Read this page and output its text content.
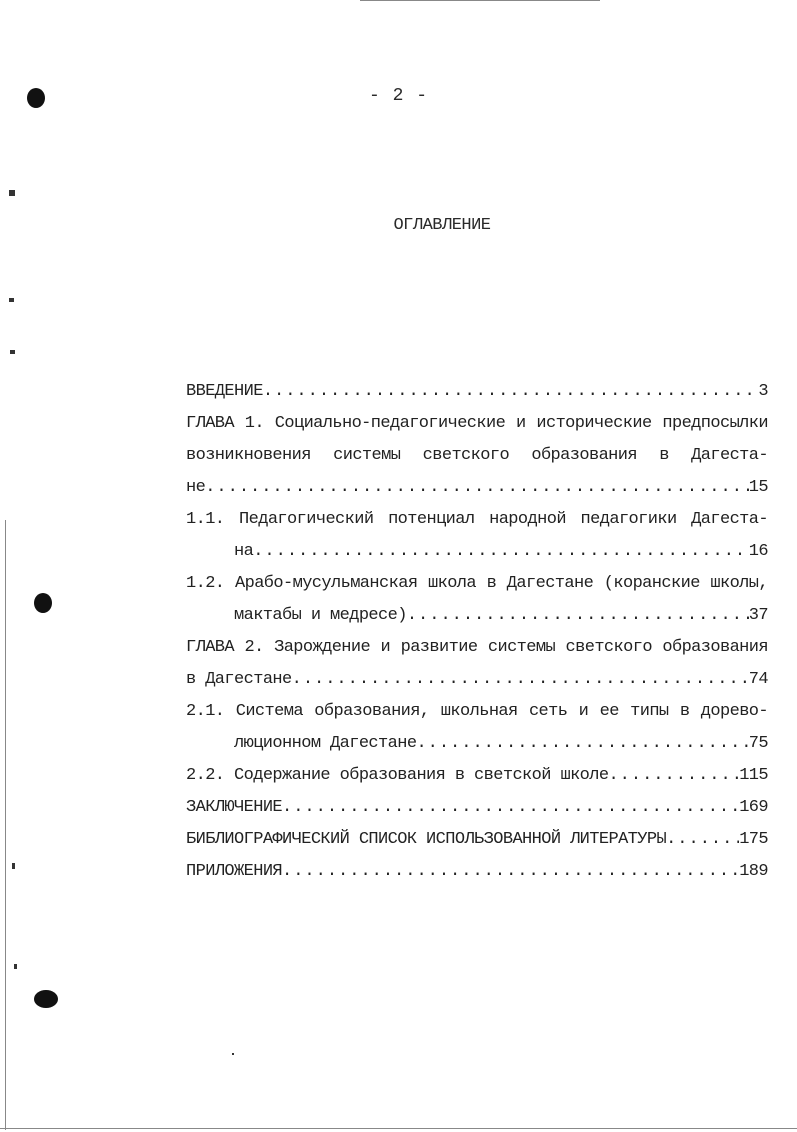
- 2 -
ОГЛАВЛЕНИЕ
ВВЕДЕНИЕ .....	3
ГЛАВА 1. Социально-педагогические и исторические предпосылки
возникновения системы светского образования в Дагеста-
не .....	15
1.1. Педагогический потенциал народной педагогики Дагеста-
на .....	16
1.2. Арабо-мусульманская школа в Дагестане (коранские школы,
мактабы и медресе) .....	37
ГЛАВА 2. Зарождение и развитие системы светского образования
в Дагестане .....	74
2.1. Система образования, школьная сеть и ее типы в дорево-
люционном Дагестане .....	75
2.2. Содержание образования в светской школе .....	115
ЗАКЛЮЧЕНИЕ .....	169
БИБЛИОГРАФИЧЕСКИЙ СПИСОК ИСПОЛЬЗОВАННОЙ ЛИТЕРАТУРЫ .....	175
ПРИЛОЖЕНИЯ .....	189
